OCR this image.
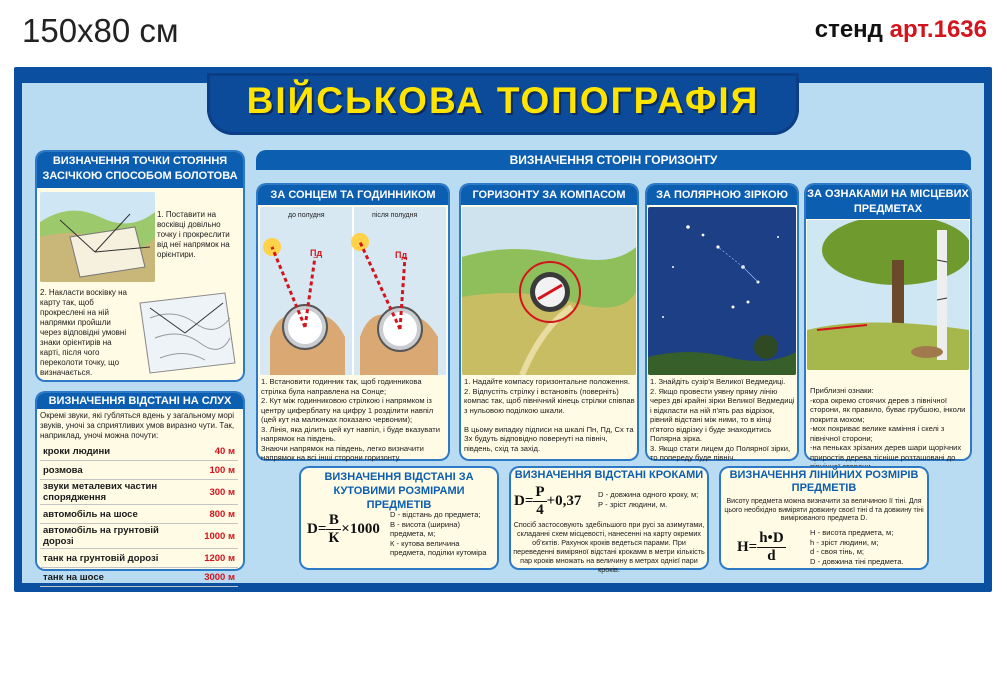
150x80 см	стенд арт.1636
ВІЙСЬКОВА ТОПОГРАФІЯ
ВИЗНАЧЕННЯ ТОЧКИ СТОЯННЯ ЗАСІЧКОЮ СПОСОБОМ БОЛОТОВА
1. Поставити на восківці довільно точку і прокреслити від неї напрямок на орієнтири.
2. Накласти восківку на карту так, щоб прокреслені на ній напрямки пройшли через відповідні умовні знаки орієнтирів на карті, після чого переколоти точку, що визначається.
ВИЗНАЧЕННЯ ВІДСТАНІ НА СЛУХ
Окремі звуки, які губляться вдень у загальному морі звуків, уночі за сприятливих умов виразно чути. Так, наприклад, уночі можна почути:
кроки людини	40 м
розмова	100 м
звуки металевих частин спорядження	300 м
автомобіль на шосе	800 м
автомобіль на грунтовій дорозі	1000 м
танк на грунтовій дорозі	1200 м
танк на шосе	3000 м
ВИЗНАЧЕННЯ СТОРІН ГОРИЗОНТУ
ЗА СОНЦЕМ ТА ГОДИННИКОМ
до полудня	після полудня
Пд	Пд
1. Встановити годинник так, щоб годинникова стрілка була направлена на Сонце;
2. Кут між годинниковою стрілкою і напрямком із центру циферблату на цифру 1 розділити навпіл (цей кут на малюнках показано червоним);
3. Лінія, яка ділить цей кут навпіл, і буде вказувати напрямок на південь.
Знаючи напрямок на південь, легко визначити напрямок на всі інші сторони горизонту.
ГОРИЗОНТУ ЗА КОМПАСОМ
1. Надайте компасу горизонтальне положення.
2. Відпустіть стрілку і встановіть (поверніть) компас так, щоб північний кінець стрілки співпав з нульовою поділкою шкали.

В цьому випадку підписи на шкалі Пн, Пд, Сх та Зх будуть відповідно повернуті на північ, південь, схід та захід.
ЗА ПОЛЯРНОЮ ЗІРКОЮ
1. Знайдіть сузір'я Великої Ведмедиці.
2. Якщо провести уявну пряму лінію через дві крайні зірки Великої Ведмедиці і відкласти на ній п'ять раз відрізок, рівний відстані між ними, то в кінці п'ятого відрізку і буде знаходитись Полярна зірка.
3. Якщо стати лицем до Полярної зірки, то попереду буде північ.
ЗА ОЗНАКАМИ НА МІСЦЕВИХ ПРЕДМЕТАХ
Приблизні ознаки:
-кора окремо стоячих дерев з північної сторони, як правило, буває грубшою, інколи покрита мохом;
-мох покриває велике каміння і скелі з північної сторони;
-на пеньках зрізаних дерев шари щорічних приростів дерева тісніше розташовані до
ВИЗНАЧЕННЯ ВІДСТАНІ ЗА КУТОВИМИ РОЗМІРАМИ ПРЕДМЕТІВ
$D= \frac{В}{К} \times 1000$
D - відстань до предмета;
В - висота (ширина) предмета, м;
К - кутова величина предмета, поділки кутоміра
ВИЗНАЧЕННЯ ВІДСТАНІ КРОКАМИ
$D= \frac{Р}{4} +0,37$ D - довжина одного кроку, м;
Р - зріст людини, м.
Спосіб застосовують здебільшого при русі за азимутами, складанні схем місцевості, нанесенні на карту окремих об'єктів. Рахунок кроків ведеться парами. При переведенні виміряної відстані крокамм в метри кількість пар кроків множать на величину в метрах однієї пари кроків.
ВИЗНАЧЕННЯ ЛІНІЙНИХ РОЗМІРІВ ПРЕДМЕТІВ
Висоту предмета можна визначити за величиною її тіні. Для цього необхідно виміряти довжину своєї тіні d та довжину тіні вимірюваного предмета D.
$H= \frac{h•D}{d}$	H - висота предмета, м;
h - зріст людини, м;
d - своя тінь, м;
D - довжина тіні предмета.
